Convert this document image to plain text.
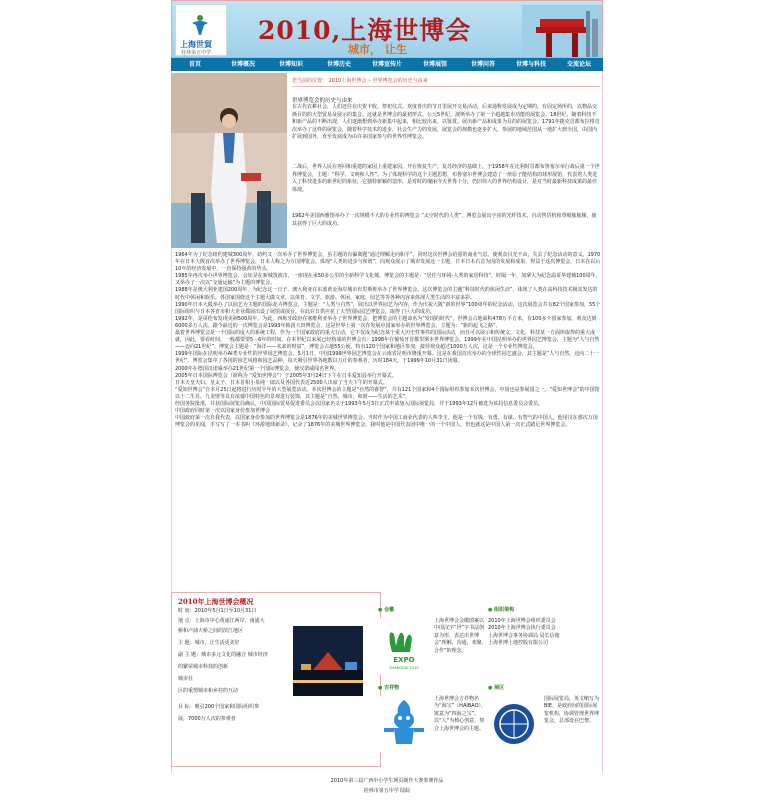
上海世貿
桂林第五中学
2010,上海世博会
城市， 让生
首页	世博概况	世博知识	世博历史	世博宣传片	世博展馆	世博问答	世博与科技	交流论坛
您当前的位置： 2010上海世博会 » 世界博览会的历史与由来
世界博览会的历史与由来

在古代农耕社会，人们还往在庆贺丰收、祭祀仪式、欢度喜庆的节日里展开交易活动，后来通称发展成为定期的，有固定场所的，以物品交换目的的大型贸易及展示的集会。这就是世博会的最初形式。公元5世纪，波斯举办了第一个超越集市功能的展览会。18世纪，随着科技不和新产品的不断出现，人们逐渐想到举办新集中起来，相比较出来，以鉴赏。展出新产品和成果为目的的展览会。1791年捷克首都布拉格首次举办了这样的展览会，随着科学技术的进步，社会生产力的发展，展览会的规模也逐步扩大，参展的地域范围从一地扩大到全国，由国内扩展到国外，直至发展成为由许多国家参与的世界性博览会。

二战后，世界人民在再回和重建的家园上重建家园，开在恢复生产，复苏经济的基础上，于1958年在比利时首都布鲁塞尔举行战后第一个世界博览会，主题：“科学、文明和人性”。为了体现科学的这个主题思想，布鲁塞尔世博会建造了一座原子能结构的球形展馆，代表着人类进入了科技进步的新世纪的象征，它独特新颖的造形，是对时的瑰丽今天世界十分，仍旧伟大的世界结构设计，是对当时最新科技成果的最佳体现。

1962年美国西雅图举办了一次规模不大的专业性的博览会 “太空时代的人类”，博览会展出宇宙的光纤技术，自动售货机和垂吸舷舷梯，使其获得了巨大的成功。

1964年为了纪念纽约建城300周年，纽约又一次举办了世界博览会，虽主题的有偏离题“通过理解走向和平”，同时这次世博会给重的商业气息，使观众目光不由，失去了纪念活动的意义。1970年在日本大阪首次举办了世界博览会，日本人称之为万国博览会，体现“人类的进步与和谐”，向观众展示了城市发展这一主题，日本日本石首为国的发展和成果，得益于这次博览会，日本在以后10年的经济发展中，一直保持强劲的势头。

1985年再次举办世界博览会，会址是在新城筑波市，一座现在承50多公里的全新科学文化城。博览会的主题是：“居住与环境-人类的家居科技”，时隔一年，加拿大为纪念温哥华建城100周年，又举办了一次以“交通运输”为主题的博览会。

1988年是澳大利亚建国200周年，为纪念这一日子，澳大利亚在东部黄金海岸城市布里斯班举办了世界博览会。这次博览会的主题“科技时代的休闲生活”，体现了人类在高科技技术极其发达的时代中休闲和娱乐。各国家围绕这个主题大做文章，以体育、文学、旅游、休闲、家庭、园艺等等各种内容来体现人类生活的丰富多彩。

1990年日本大阪举办了以园艺为主题的国际花卉博览会，主题是：“人类与自然”，展出以世界园艺为内容，作为庆祝大阪“新的世界”100周年的纪念活动。这次展览会共有82个国家参加，55个国际组织与日本各省市和大企业都展出设了展馆或展台。在此在日供应花了大型国际园艺博览会，取得了巨大的成功。

1992年，是哥伦布发现美洲500周年，为此，西班牙政府在塞维利亚举办了世界博览会，把博览会的主题命名为“发现的时代”，世博会占地面积478万平方米，有100多个国家参加。观众达到6000多万人次。跟今最近的一次博览会是1993年韩国大田博览会，这是世界上第一次在发展中国家举办的世界博览会，主题为：“新的起飞之路”。

最着世界博览会是一个国际的庞大的系统工程，作为一个国家政府的重大行动，它不仅成为纪念某个重大历史性事件的国际活动，而且可以展示和传统文、文化、科技某一方面所取得的重大成就，因此，要看时间，一般都要要5－6年的时间。在本世纪以来展已经构成的世博会有：1998年在葡萄牙首都里斯本世界博览会。1999年在中国昆明举办的世界园艺博览会，主题为“人与自然——迈向21世纪”，博览会主题是：“海洋——未来的财富”，博览会占地55公顷，特有120个国家和地区参加，接待观众超过1000万人次，这是一个专业性博览会。

1999年国际在昆明举办AI类专业性的世界园艺博览会。5月1日，中国1999世界园艺博览会在云南省昆明市隆重开幕。这是在我国首次举办的全球性园艺盛会，其主题是“人与自然，迈向二十一世纪”。博览会集中了各国的园艺风格和园艺品种，每天吸引世界各地数以万计的参观者，历时184天，于1999年10月31日闭幕。

2000年在德国汉诺威举办21世纪第一个国际博览会，使汉诺威闻名世界。

2005年日本国际博览会（简称为 “爱知世博会”）于2005年3月24日下午在日本爱知县举行开幕式。

日本天皇夫妇、皇太子、日本首相小泉纯一郎以及各国代表近2500人出席了当天下午的开幕式。

“爱知世博会”自本月25日起将进行历时半年的大型展览活动。本次世博会的主题是“自然的睿智”，共有121个国家和4个国际组织参加本次世博会，中国也是参展国之一。“爱知世博会”的中国馆以十二生肖、九龙壁等具有浓郁中国特色的景观进行装饰，其主题是“自然、城市、和谐——生活的艺术”。

经国务院批准，并获国际展览局确认，中国国际贸易促进委员会以国家名义于1993年5月3日正式申请加入国际展览局，并于1993年12月被选为该局信息委员会委员。

中国政府同时第一次以国家身份参加世博会

中国政府第一次自我代表，以国家身份参加的世界博览会是1876年的美城世界博览会。当时作为中国工商业代表的人叫李圭，他是一个有钱、有勇、有谋、有智气的中国人，他用汉在那次万国博览会的见闻，手写写了一本书叫《环游地球新录》，记录了1876年的美城世界博览会，我叫他是中国代表团中唯一的一个中国人，但也就这是中国人第一次正式踏足世界博览会。

2010年上海世博会概况
时 间：2010年5月1日至10月31日
地 点：上海市中心黄浦江两岸，南浦大
桥和卢浦大桥之间的滨江地区
主 题：城市，让生活更美好
副 主 题：城市多元文化的融合 城市经济
的繁荣城市科技的创新
城市社
区的重塑城市和乡村的互动
目 标：吸引200个国家和国际组织参
展，7000万人次的参观者
● 会徽
EXPO
SHANGHAI 2010
上海世博会会徽图案以中国汉字“世”字书法创意为形，表达出世博会“理解、沟通、欢聚、合作”的理念。
● 组织架构
2010年上海世博会组织委员会
2010年上海世博会执行委员会
上海世博会事务协调局 局长信箱
上海世博土地控股有限公司
● 吉祥物
上海世博会吉祥物名为“海宝”（HAIBAO），寓意为“四海之宝”。以“人”为核心创意，契合上海世博会的主题。
● 展区
国际展览局，英文缩写为BIE，是政府间的国际展览机构，协调管理世界博览会，总部设在巴黎。
2010年第三届广西中小学生网页制作大赛参赛作品
桂林市第五中学 陆皖
